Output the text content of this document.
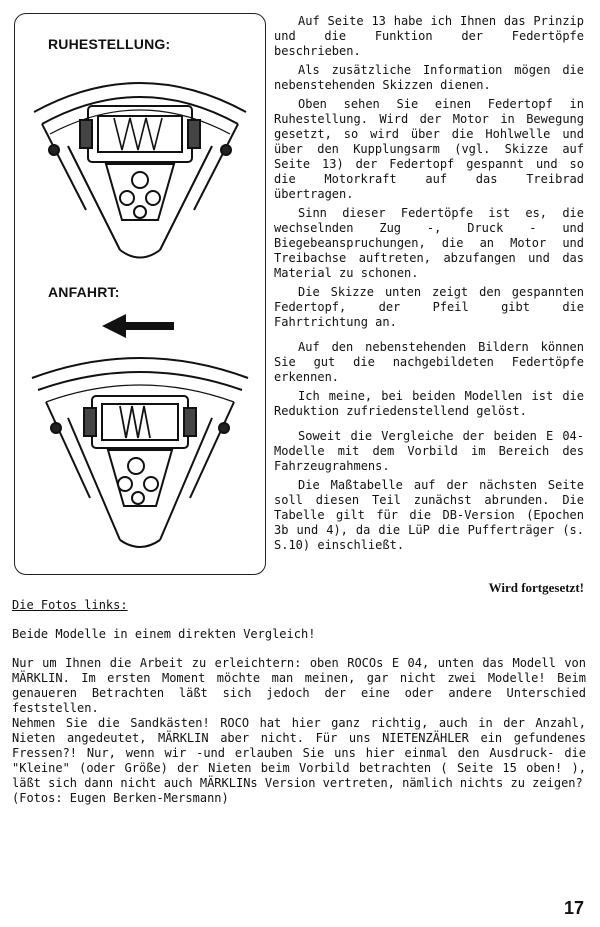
RUHESTELLUNG:
ANFAHRT:

Auf Seite 13 habe ich Ihnen das Prinzip und die Funktion der Federtöpfe beschrieben.

Als zusätzliche Information mögen die nebenstehenden Skizzen dienen.

Oben sehen Sie einen Federtopf in Ruhestellung. Wird der Motor in Bewegung gesetzt, so wird über die Hohlwelle und über den Kupplungsarm (vgl. Skizze auf Seite 13) der Federtopf gespannt und so die Motorkraft auf das Treibrad übertragen.

Sinn dieser Federtöpfe ist es, die wechselnden Zug -, Druck - und Biegebeanspruchungen, die an Motor und Treibachse auftreten, abzufangen und das Material zu schonen.

Die Skizze unten zeigt den gespannten Federtopf, der Pfeil gibt die Fahrtrichtung an.

Auf den nebenstehenden Bildern können Sie gut die nachgebildeten Federtöpfe erkennen.

Ich meine, bei beiden Modellen ist die Reduktion zufriedenstellend gelöst.

Soweit die Vergleiche der beiden E 04-Modelle mit dem Vorbild im Bereich des Fahrzeugrahmens.

Die Maßtabelle auf der nächsten Seite soll diesen Teil zunächst abrunden. Die Tabelle gilt für die DB-Version (Epochen 3b und 4), da die LüP die Pufferträger (s. S.10) einschließt.

Wird fortgesetzt!

Die Fotos links:

Beide Modelle in einem direkten Vergleich!

Nur um Ihnen die Arbeit zu erleichtern: oben ROCOs E 04, unten das Modell von MÄRKLIN. Im ersten Moment möchte man meinen, gar nicht zwei Modelle! Beim genaueren Betrachten läßt sich jedoch der eine oder andere Unterschied feststellen.

Nehmen Sie die Sandkästen! ROCO hat hier ganz richtig, auch in der Anzahl, Nieten angedeutet, MÄRKLIN aber nicht. Für uns NIETENZÄHLER ein gefundenes Fressen?! Nur, wenn wir -und erlauben Sie uns hier einmal den Ausdruck- die "Kleine" (oder Größe) der Nieten beim Vorbild betrachten ( Seite 15 oben! ), läßt sich dann nicht auch MÄRKLINs Version vertreten, nämlich nichts zu zeigen?

(Fotos: Eugen Berken-Mersmann)

17
